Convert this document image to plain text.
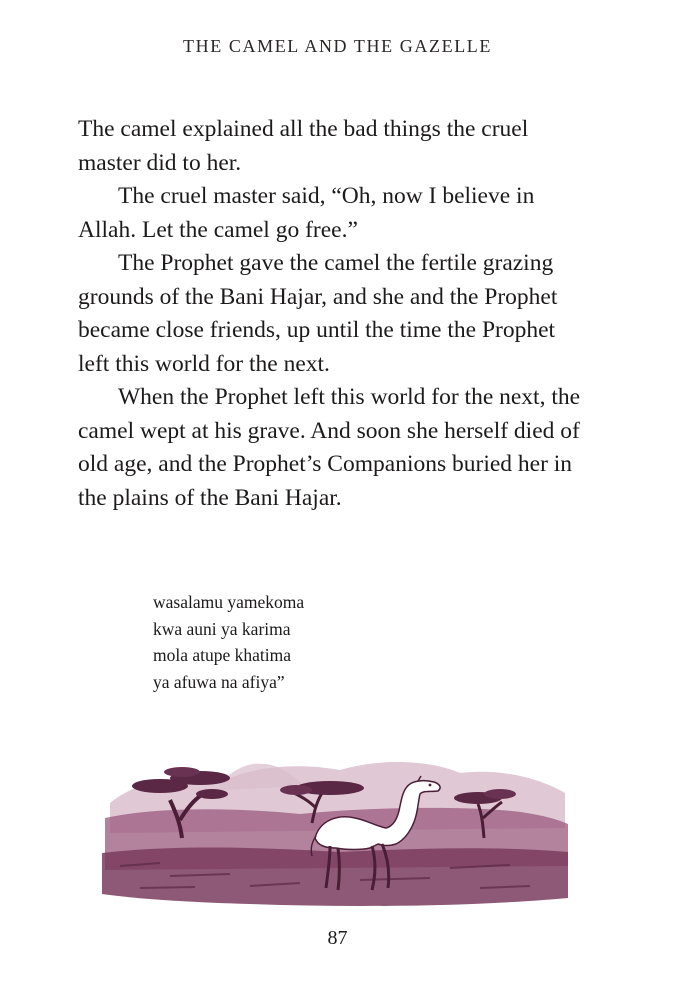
THE CAMEL AND THE GAZELLE

The camel explained all the bad things the cruel master did to her.

The cruel master said, “Oh, now I believe in Allah. Let the camel go free.”

The Prophet gave the camel the fertile grazing grounds of the Bani Hajar, and she and the Prophet became close friends, up until the time the Prophet left this world for the next.

When the Prophet left this world for the next, the camel wept at his grave. And soon she herself died of old age, and the Prophet’s Companions buried her in the plains of the Bani Hajar.

wasalamu yamekoma
kwa auni ya karima
mola atupe khatima
ya afuwa na afiya”
87
